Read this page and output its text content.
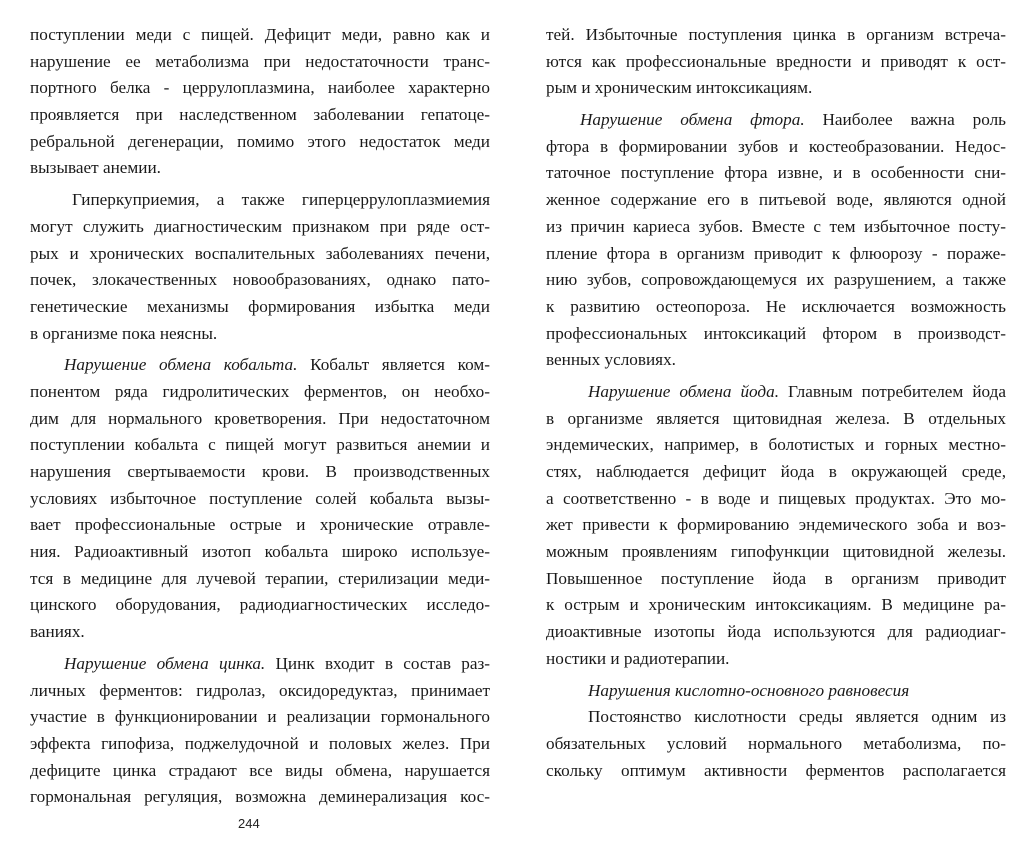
поступлении меди с пищей. Дефицит меди, равно как и
нарушение ее метаболизма при недостаточности транс-
портного белка - церрулоплазмина, наиболее характерно
проявляется при наследственном заболевании гепатоце-
ребральной дегенерации, помимо этого недостаток меди
вызывает анемии.
Гиперкуприемия, а также гиперцеррулоплазмиемия
могут служить диагностическим признаком при ряде ост-
рых и хронических воспалительных заболеваниях печени,
почек, злокачественных новообразованиях, однако пато-
генетические механизмы формирования избытка меди
в организме пока неясны.
Нарушение обмена кобальта. Кобальт является ком-
понентом ряда гидролитических ферментов, он необхо-
дим для нормального кроветворения. При недостаточном
поступлении кобальта с пищей могут развиться анемии и
нарушения свертываемости крови. В производственных
условиях избыточное поступление солей кобальта вызы-
вает профессиональные острые и хронические отравле-
ния. Радиоактивный изотоп кобальта широко используе-
тся в медицине для лучевой терапии, стерилизации меди-
цинского оборудования, радиодиагностических исследо-
ваниях.
Нарушение обмена цинка. Цинк входит в состав раз-
личных ферментов: гидролаз, оксидоредуктаз, принимает
участие в функционировании и реализации гормонального
эффекта гипофиза, поджелудочной и половых желез. При
дефиците цинка страдают все виды обмена, нарушается
гормональная регуляция, возможна деминерализация кос-
тей. Избыточные поступления цинка в организм встреча-
ются как профессиональные вредности и приводят к ост-
рым и хроническим интоксикациям.
Нарушение обмена фтора. Наиболее важна роль
фтора в формировании зубов и костеобразовании. Недос-
таточное поступление фтора извне, и в особенности сни-
женное содержание его в питьевой воде, являются одной
из причин кариеса зубов. Вместе с тем избыточное посту-
пление фтора в организм приводит к флюорозу - пораже-
нию зубов, сопровождающемуся их разрушением, а также
к развитию остеопороза. Не исключается возможность
профессиональных интоксикаций фтором в производст-
венных условиях.
Нарушение обмена йода. Главным потребителем йода
в организме является щитовидная железа. В отдельных
эндемических, например, в болотистых и горных местно-
стях, наблюдается дефицит йода в окружающей среде,
а соответственно - в воде и пищевых продуктах. Это мо-
жет привести к формированию эндемического зоба и воз-
можным проявлениям гипофункции щитовидной железы.
Повышенное поступление йода в организм приводит
к острым и хроническим интоксикациям. В медицине ра-
диоактивные изотопы йода используются для радиодиаг-
ностики и радиотерапии.
Нарушения кислотно-основного равновесия
Постоянство кислотности среды является одним из
обязательных условий нормального метаболизма, по-
скольку оптимум активности ферментов располагается
244
